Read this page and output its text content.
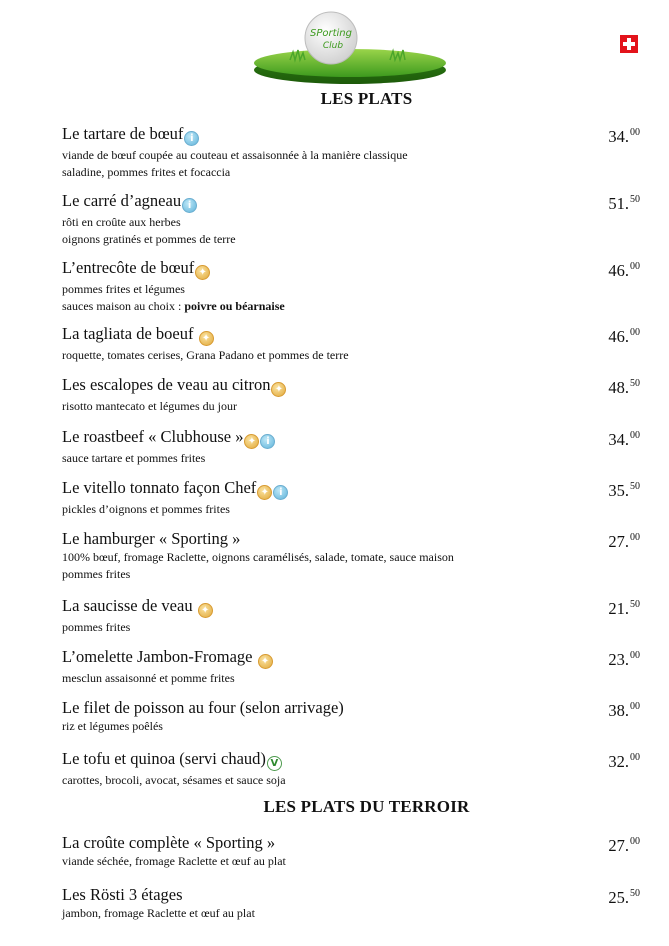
SPorting
Club
LES PLATS
Le tartare de bœuf i	34.00
viande de bœuf coupée au couteau et assaisonnée à la manière classique
saladine, pommes frites et focaccia
Le carré d’agneau i	51.50
rôti en croûte aux herbes
oignons gratinés et pommes de terre
L’entrecôte de bœuf ✦	46.00
pommes frites et légumes
sauces maison au choix : poivre ou béarnaise
La tagliata de boeuf ✦	46.00
roquette, tomates cerises, Grana Padano et pommes de terre
Les escalopes de veau au citron ✦	48.50
risotto mantecato et légumes du jour
Le roastbeef « Clubhouse » ✦ i	34.00
sauce tartare et pommes frites
Le vitello tonnato façon Chef ✦ i	35.50
pickles d’oignons et pommes frites
Le hamburger « Sporting »	27.00
100% bœuf, fromage Raclette, oignons caramélisés, salade, tomate, sauce maison
pommes frites
La saucisse de veau ✦	21.50
pommes frites
L’omelette Jambon-Fromage ✦	23.00
mesclun assaisonné et pomme frites
Le filet de poisson au four (selon arrivage)	38.00
riz et légumes poêlés
Le tofu et quinoa (servi chaud) V	32.00
carottes, brocoli, avocat, sésames et sauce soja
LES PLATS DU TERROIR
La croûte complète « Sporting »	27.00
viande séchée, fromage Raclette et œuf au plat
Les Rösti 3 étages	25.50
jambon, fromage Raclette et œuf au plat
